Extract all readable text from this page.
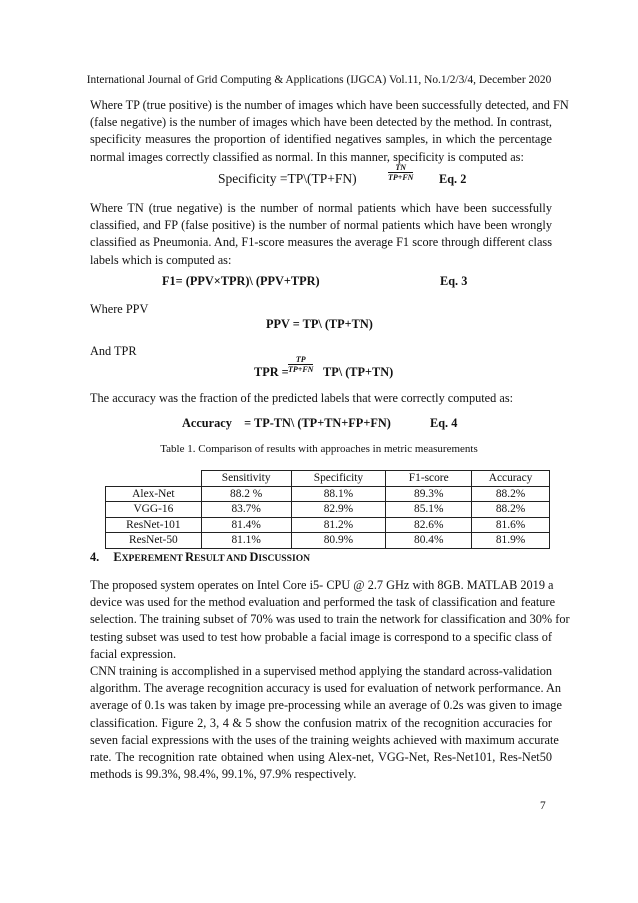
International Journal of Grid Computing & Applications (IJGCA) Vol.11, No.1/2/3/4, December 2020
Where TP (true positive) is the number of images which have been successfully detected, and FN
(false negative) is the number of images which have been detected by the method. In contrast,
specificity measures the proportion of identified negatives samples, in which the percentage
normal images correctly classified as normal. In this manner, specificity is computed as:
Specificity =TP\(TP+FN)	$\frac{TN}{TP+FN} Eq$. 2
Where TN (true negative) is the number of normal patients which have been successfully
classified, and FP (false positive) is the number of normal patients which have been wrongly
classified as Pneumonia. And, F1-score measures the average F1 score through different class
labels which is computed as:
F1= (PPV×TPR)\ (PPV+TPR)	Eq. 3
Where PPV
PPV = TP\ (TP+TN)
And TPR
TPR = $\frac{TP}{TP+FN}$ TP\ (TP+TN)
The accuracy was the fraction of the predicted labels that were correctly computed as:
Accuracy    = TP-TN\ (TP+TN+FP+FN)	Eq. 4
Table 1. Comparison of results with approaches in metric measurements
	Sensitivity	Specificity	F1-score	Accuracy
Alex-Net	88.2 %	88.1%	89.3%	88.2%
VGG-16	83.7%	82.9%	85.1%	88.2%
ResNet-101	81.4%	81.2%	82.6%	81.6%
ResNet-50	81.1%	80.9%	80.4%	81.9%
4. EXPEREMENT RESULT AND DISCUSSION
The proposed system operates on Intel Core i5- CPU @ 2.7 GHz with 8GB. MATLAB 2019 a
device was used for the method evaluation and performed the task of classification and feature
selection. The training subset of 70% was used to train the network for classification and 30% for
testing subset was used to test how probable a facial image is correspond to a specific class of
facial expression.
CNN training is accomplished in a supervised method applying the standard across-validation
algorithm. The average recognition accuracy is used for evaluation of network performance. An
average of 0.1s was taken by image pre-processing while an average of 0.2s was given to image
classification. Figure 2, 3, 4 & 5 show the confusion matrix of the recognition accuracies for
seven facial expressions with the uses of the training weights achieved with maximum accurate
rate. The recognition rate obtained when using Alex-net, VGG-Net, Res-Net101, Res-Net50
methods is 99.3%, 98.4%, 99.1%, 97.9% respectively.
7
